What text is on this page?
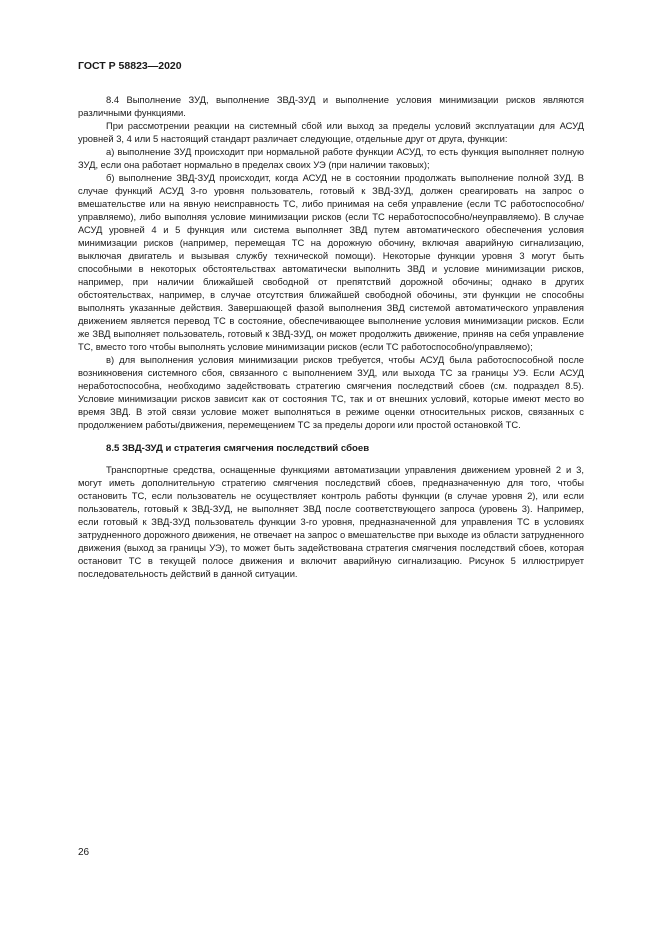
ГОСТ Р 58823—2020

8.4 Выполнение ЗУД, выполнение ЗВД-ЗУД и выполнение условия минимизации рисков являются различными функциями.

При рассмотрении реакции на системный сбой или выход за пределы условий эксплуатации для АСУД уровней 3, 4 или 5 настоящий стандарт различает следующие, отдельные друг от друга, функции:

а) выполнение ЗУД происходит при нормальной работе функции АСУД, то есть функция выполняет полную ЗУД, если она работает нормально в пределах своих УЭ (при наличии таковых);

б) выполнение ЗВД-ЗУД происходит, когда АСУД не в состоянии продолжать выполнение полной ЗУД. В случае функций АСУД 3-го уровня пользователь, готовый к ЗВД-ЗУД, должен среагировать на запрос о вмешательстве или на явную неисправность ТС, либо принимая на себя управление (если ТС работоспособно/управляемо), либо выполняя условие минимизации рисков (если ТС неработоспособно/неуправляемо). В случае АСУД уровней 4 и 5 функция или система выполняет ЗВД путем автоматического обеспечения условия минимизации рисков (например, перемещая ТС на дорожную обочину, включая аварийную сигнализацию, выключая двигатель и вызывая службу технической помощи). Некоторые функции уровня 3 могут быть способными в некоторых обстоятельствах автоматически выполнить ЗВД и условие минимизации рисков, например, при наличии ближайшей свободной от препятствий дорожной обочины; однако в других обстоятельствах, например, в случае отсутствия ближайшей свободной обочины, эти функции не способны выполнять указанные действия. Завершающей фазой выполнения ЗВД системой автоматического управления движением является перевод ТС в состояние, обеспечивающее выполнение условия минимизации рисков. Если же ЗВД выполняет пользователь, готовый к ЗВД-ЗУД, он может продолжить движение, приняв на себя управление ТС, вместо того чтобы выполнять условие минимизации рисков (если ТС работоспособно/управляемо);

в) для выполнения условия минимизации рисков требуется, чтобы АСУД была работоспособной после возникновения системного сбоя, связанного с выполнением ЗУД, или выхода ТС за границы УЭ. Если АСУД неработоспособна, необходимо задействовать стратегию смягчения последствий сбоев (см. подраздел 8.5). Условие минимизации рисков зависит как от состояния ТС, так и от внешних условий, которые имеют место во время ЗВД. В этой связи условие может выполняться в режиме оценки относительных рисков, связанных с продолжением работы/движения, перемещением ТС за пределы дороги или простой остановкой ТС.

8.5 ЗВД-ЗУД и стратегия смягчения последствий сбоев

Транспортные средства, оснащенные функциями автоматизации управления движением уровней 2 и 3, могут иметь дополнительную стратегию смягчения последствий сбоев, предназначенную для того, чтобы остановить ТС, если пользователь не осуществляет контроль работы функции (в случае уровня 2), или если пользователь, готовый к ЗВД-ЗУД, не выполняет ЗВД после соответствующего запроса (уровень 3). Например, если готовый к ЗВД-ЗУД пользователь функции 3-го уровня, предназначенной для управления ТС в условиях затрудненного дорожного движения, не отвечает на запрос о вмешательстве при выходе из области затрудненного движения (выход за границы УЭ), то может быть задействована стратегия смягчения последствий сбоев, которая остановит ТС в текущей полосе движения и включит аварийную сигнализацию. Рисунок 5 иллюстрирует последовательность действий в данной ситуации.

26
